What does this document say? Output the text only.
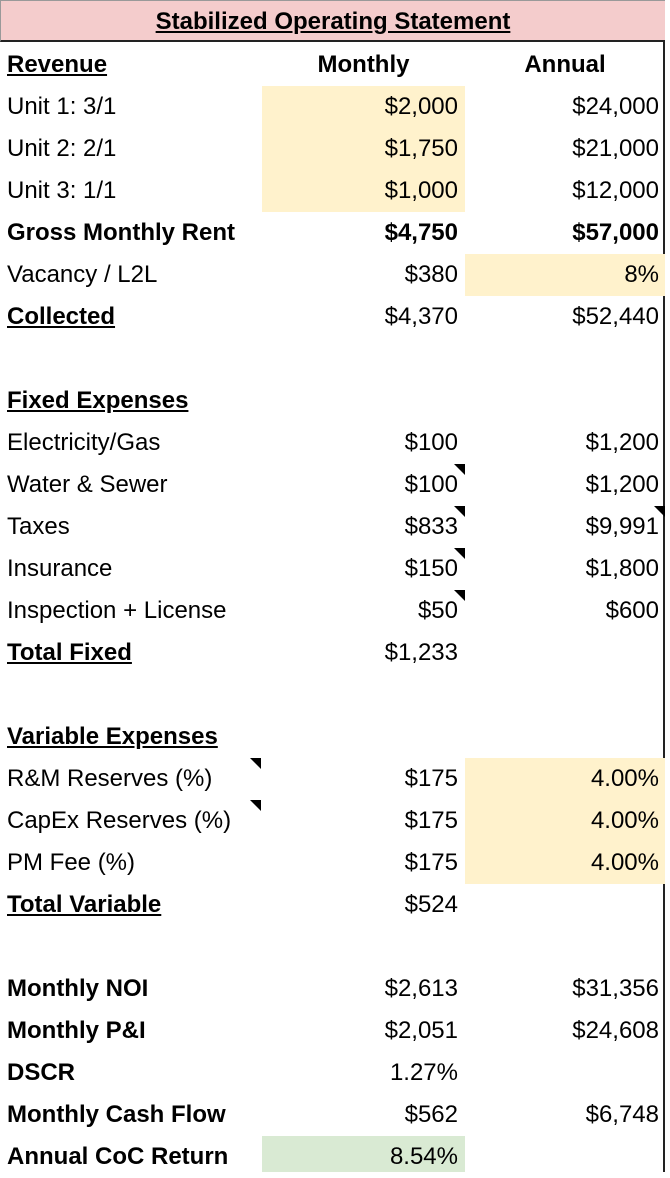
Stabilized Operating Statement
Revenue	Monthly	Annual
Unit 1: 3/1	$2,000	$24,000
Unit 2: 2/1	$1,750	$21,000
Unit 3: 1/1	$1,000	$12,000
Gross Monthly Rent	$4,750	$57,000
Vacancy / L2L	$380	8%
Collected	$4,370	$52,440
Fixed Expenses
Electricity/Gas	$100	$1,200
Water & Sewer	$100	$1,200
Taxes	$833	$9,991
Insurance	$150	$1,800
Inspection + License	$50	$600
Total Fixed	$1,233
Variable Expenses
R&M Reserves (%)	$175	4.00%
CapEx Reserves (%)	$175	4.00%
PM Fee (%)	$175	4.00%
Total Variable	$524
Monthly NOI	$2,613	$31,356
Monthly P&I	$2,051	$24,608
DSCR	1.27%
Monthly Cash Flow	$562	$6,748
Annual CoC Return	8.54%
